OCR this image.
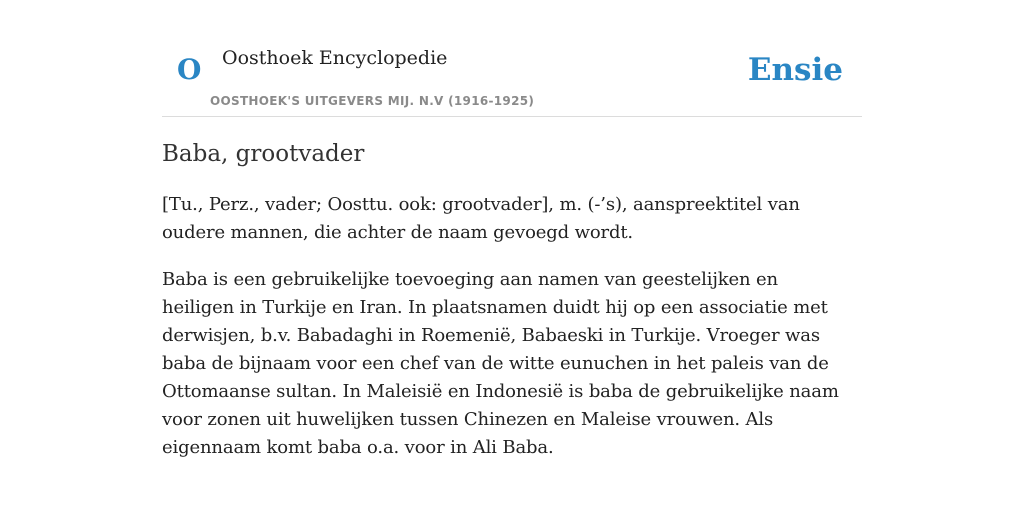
O Oosthoek Encyclopedie
OOSTHOEK'S UITGEVERS MIJ. N.V (1916-1925)
Ensie
Baba, grootvader

[Tu., Perz., vader; Oosttu. ook: grootvader], m. (-’s), aanspreektitel van oudere mannen, die achter de naam gevoegd wordt.

Baba is een gebruikelijke toevoeging aan namen van geestelijken en heiligen in Turkije en Iran. In plaatsnamen duidt hij op een associatie met derwisjen, b.v. Babadaghi in Roemenië, Babaeski in Turkije. Vroeger was baba de bijnaam voor een chef van de witte eunuchen in het paleis van de Ottomaanse sultan. In Maleisië en Indonesië is baba de gebruikelijke naam voor zonen uit huwelijken tussen Chinezen en Maleise vrouwen. Als eigennaam komt baba o.a. voor in Ali Baba.
